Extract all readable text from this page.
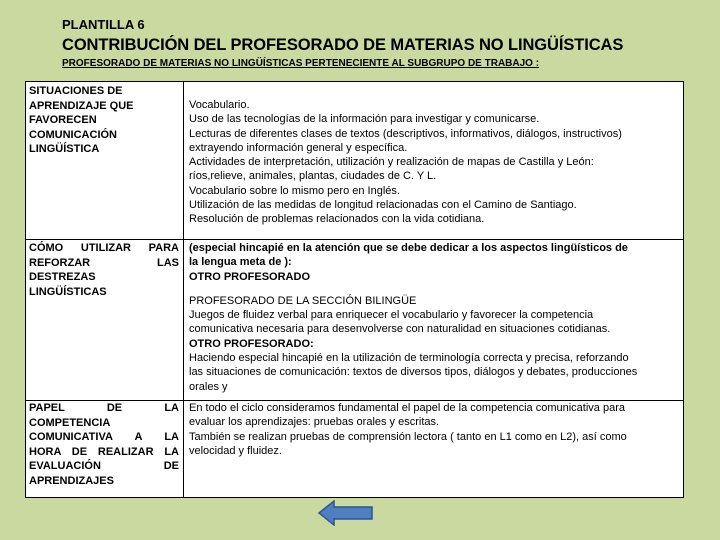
PLANTILLA 6
CONTRIBUCIÓN DEL PROFESORADO DE MATERIAS NO LINGÜÍSTICAS
PROFESORADO DE MATERIAS NO LINGÜÍSTICAS PERTENECIENTE AL SUBGRUPO DE TRABAJO :
SITUACIONES DE
APRENDIZAJE QUE
FAVORECEN
COMUNICACIÓN
LINGÜÍSTICA
Vocabulario.
Uso de las tecnologías de la información para investigar y comunicarse.
Lecturas de diferentes clases de textos (descriptivos, informativos, diálogos, instructivos)
extrayendo información general y específica.
Actividades de interpretación, utilización y realización de mapas de Castilla y León:
ríos,relieve, animales, plantas, ciudades de C. Y L.
Vocabulario sobre lo mismo pero en Inglés.
Utilización de las medidas de longitud relacionadas con el Camino de Santiago.
Resolución de problemas relacionados con la vida cotidiana.
CÓMO UTILIZAR PARA
REFORZAR LAS
DESTREZAS
LINGÜÍSTICAS
(especial hincapié en la atención que se debe dedicar a los aspectos lingüísticos de
la lengua meta de ):
OTRO PROFESORADO
PROFESORADO DE LA SECCIÓN BILINGÜE
Juegos de fluidez verbal para enriquecer el vocabulario y favorecer la competencia
comunicativa necesaria para desenvolverse con naturalidad en situaciones cotidianas.
OTRO PROFESORADO:
Haciendo especial hincapié en la utilización de terminología correcta y precisa, reforzando
las situaciones de comunicación: textos de diversos tipos, diálogos y debates, producciones
orales y
PAPEL DE LA
COMPETENCIA
COMUNICATIVA A LA
HORA DE REALIZAR LA
EVALUACIÓN DE
APRENDIZAJES
En todo el ciclo consideramos fundamental el papel de la competencia comunicativa para
evaluar los aprendizajes: pruebas orales y escritas.
También se realizan pruebas de comprensión lectora ( tanto en L1 como en L2), así como
velocidad y fluidez.
